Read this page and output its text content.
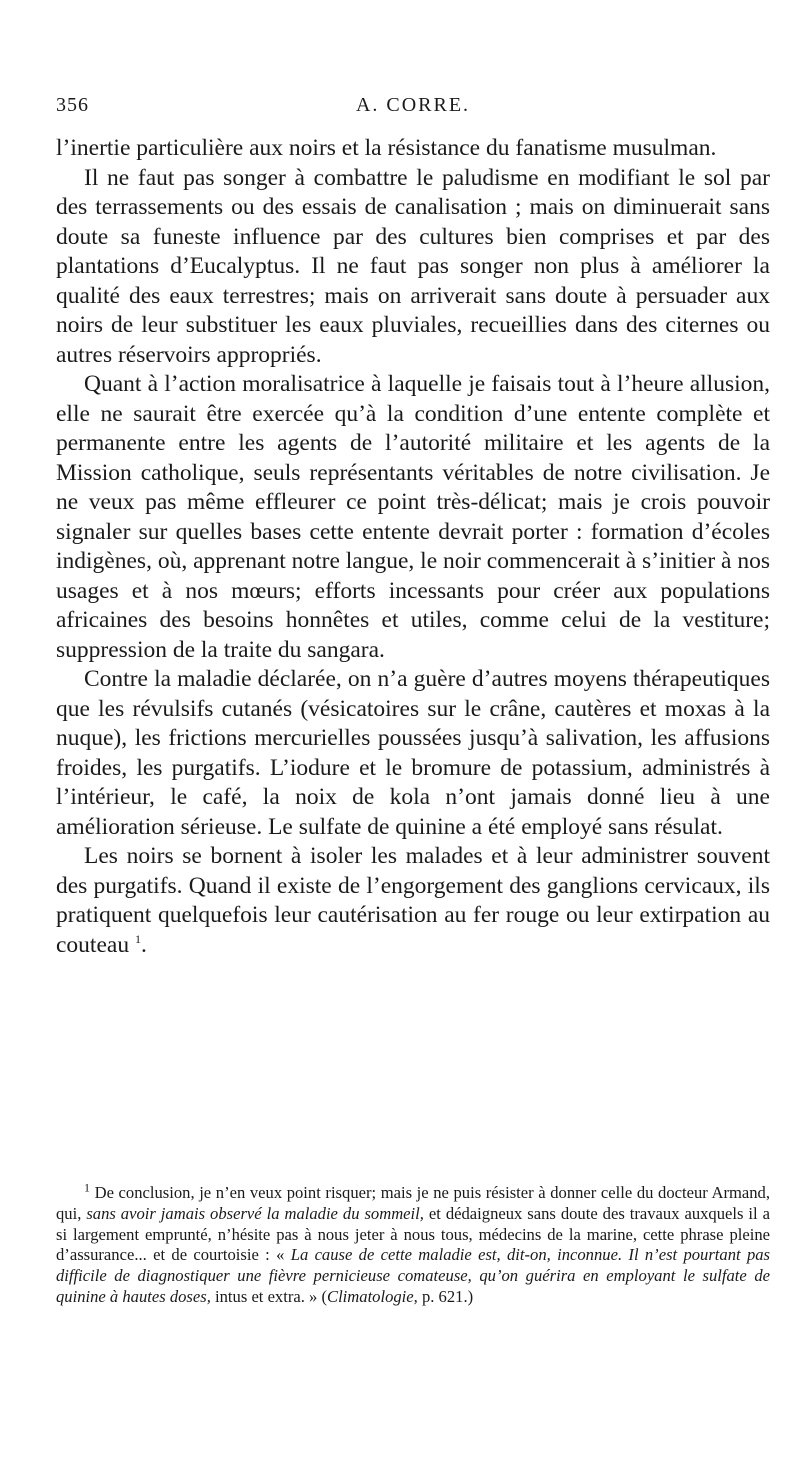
356	A. CORRE.

l’inertie particulière aux noirs et la résistance du fanatisme musulman.

Il ne faut pas songer à combattre le paludisme en modifiant le sol par des terrassements ou des essais de canalisation ; mais on diminuerait sans doute sa funeste influence par des cultures bien comprises et par des plantations d’Eucalyptus. Il ne faut pas songer non plus à améliorer la qualité des eaux terrestres; mais on arriverait sans doute à persuader aux noirs de leur substituer les eaux pluviales, recueillies dans des citernes ou autres réservoirs appropriés.

Quant à l’action moralisatrice à laquelle je faisais tout à l’heure allusion, elle ne saurait être exercée qu’à la condition d’une entente complète et permanente entre les agents de l’autorité militaire et les agents de la Mission catholique, seuls représentants véritables de notre civilisation. Je ne veux pas même effleurer ce point très-délicat; mais je crois pouvoir signaler sur quelles bases cette entente devrait porter : formation d’écoles indigènes, où, apprenant notre langue, le noir commencerait à s’initier à nos usages et à nos mœurs; efforts incessants pour créer aux populations africaines des besoins honnêtes et utiles, comme celui de la vestiture; suppression de la traite du sangara.

Contre la maladie déclarée, on n’a guère d’autres moyens thérapeutiques que les révulsifs cutanés (vésicatoires sur le crâne, cautères et moxas à la nuque), les frictions mercurielles poussées jusqu’à salivation, les affusions froides, les purgatifs. L’iodure et le bromure de potassium, administrés à l’intérieur, le café, la noix de kola n’ont jamais donné lieu à une amélioration sérieuse. Le sulfate de quinine a été employé sans résulat.

Les noirs se bornent à isoler les malades et à leur administrer souvent des purgatifs. Quand il existe de l’engorgement des ganglions cervicaux, ils pratiquent quelquefois leur cautérisation au fer rouge ou leur extirpation au couteau $^1$.

$^1$ De conclusion, je n’en veux point risquer; mais je ne puis résister à donner celle du docteur Armand, qui, sans avoir jamais observé la maladie du sommeil, et dédaigneux sans doute des travaux auxquels il a si largement emprunté, n’hésite pas à nous jeter à nous tous, médecins de la marine, cette phrase pleine d’assurance... et de courtoisie : « La cause de cette maladie est, dit-on, inconnue. Il n’est pourtant pas difficile de diagnostiquer une fièvre pernicieuse comateuse, qu’on guérira en employant le sulfate de quinine à hautes doses, intus et extra. » (Climatologie, p. 621.)
